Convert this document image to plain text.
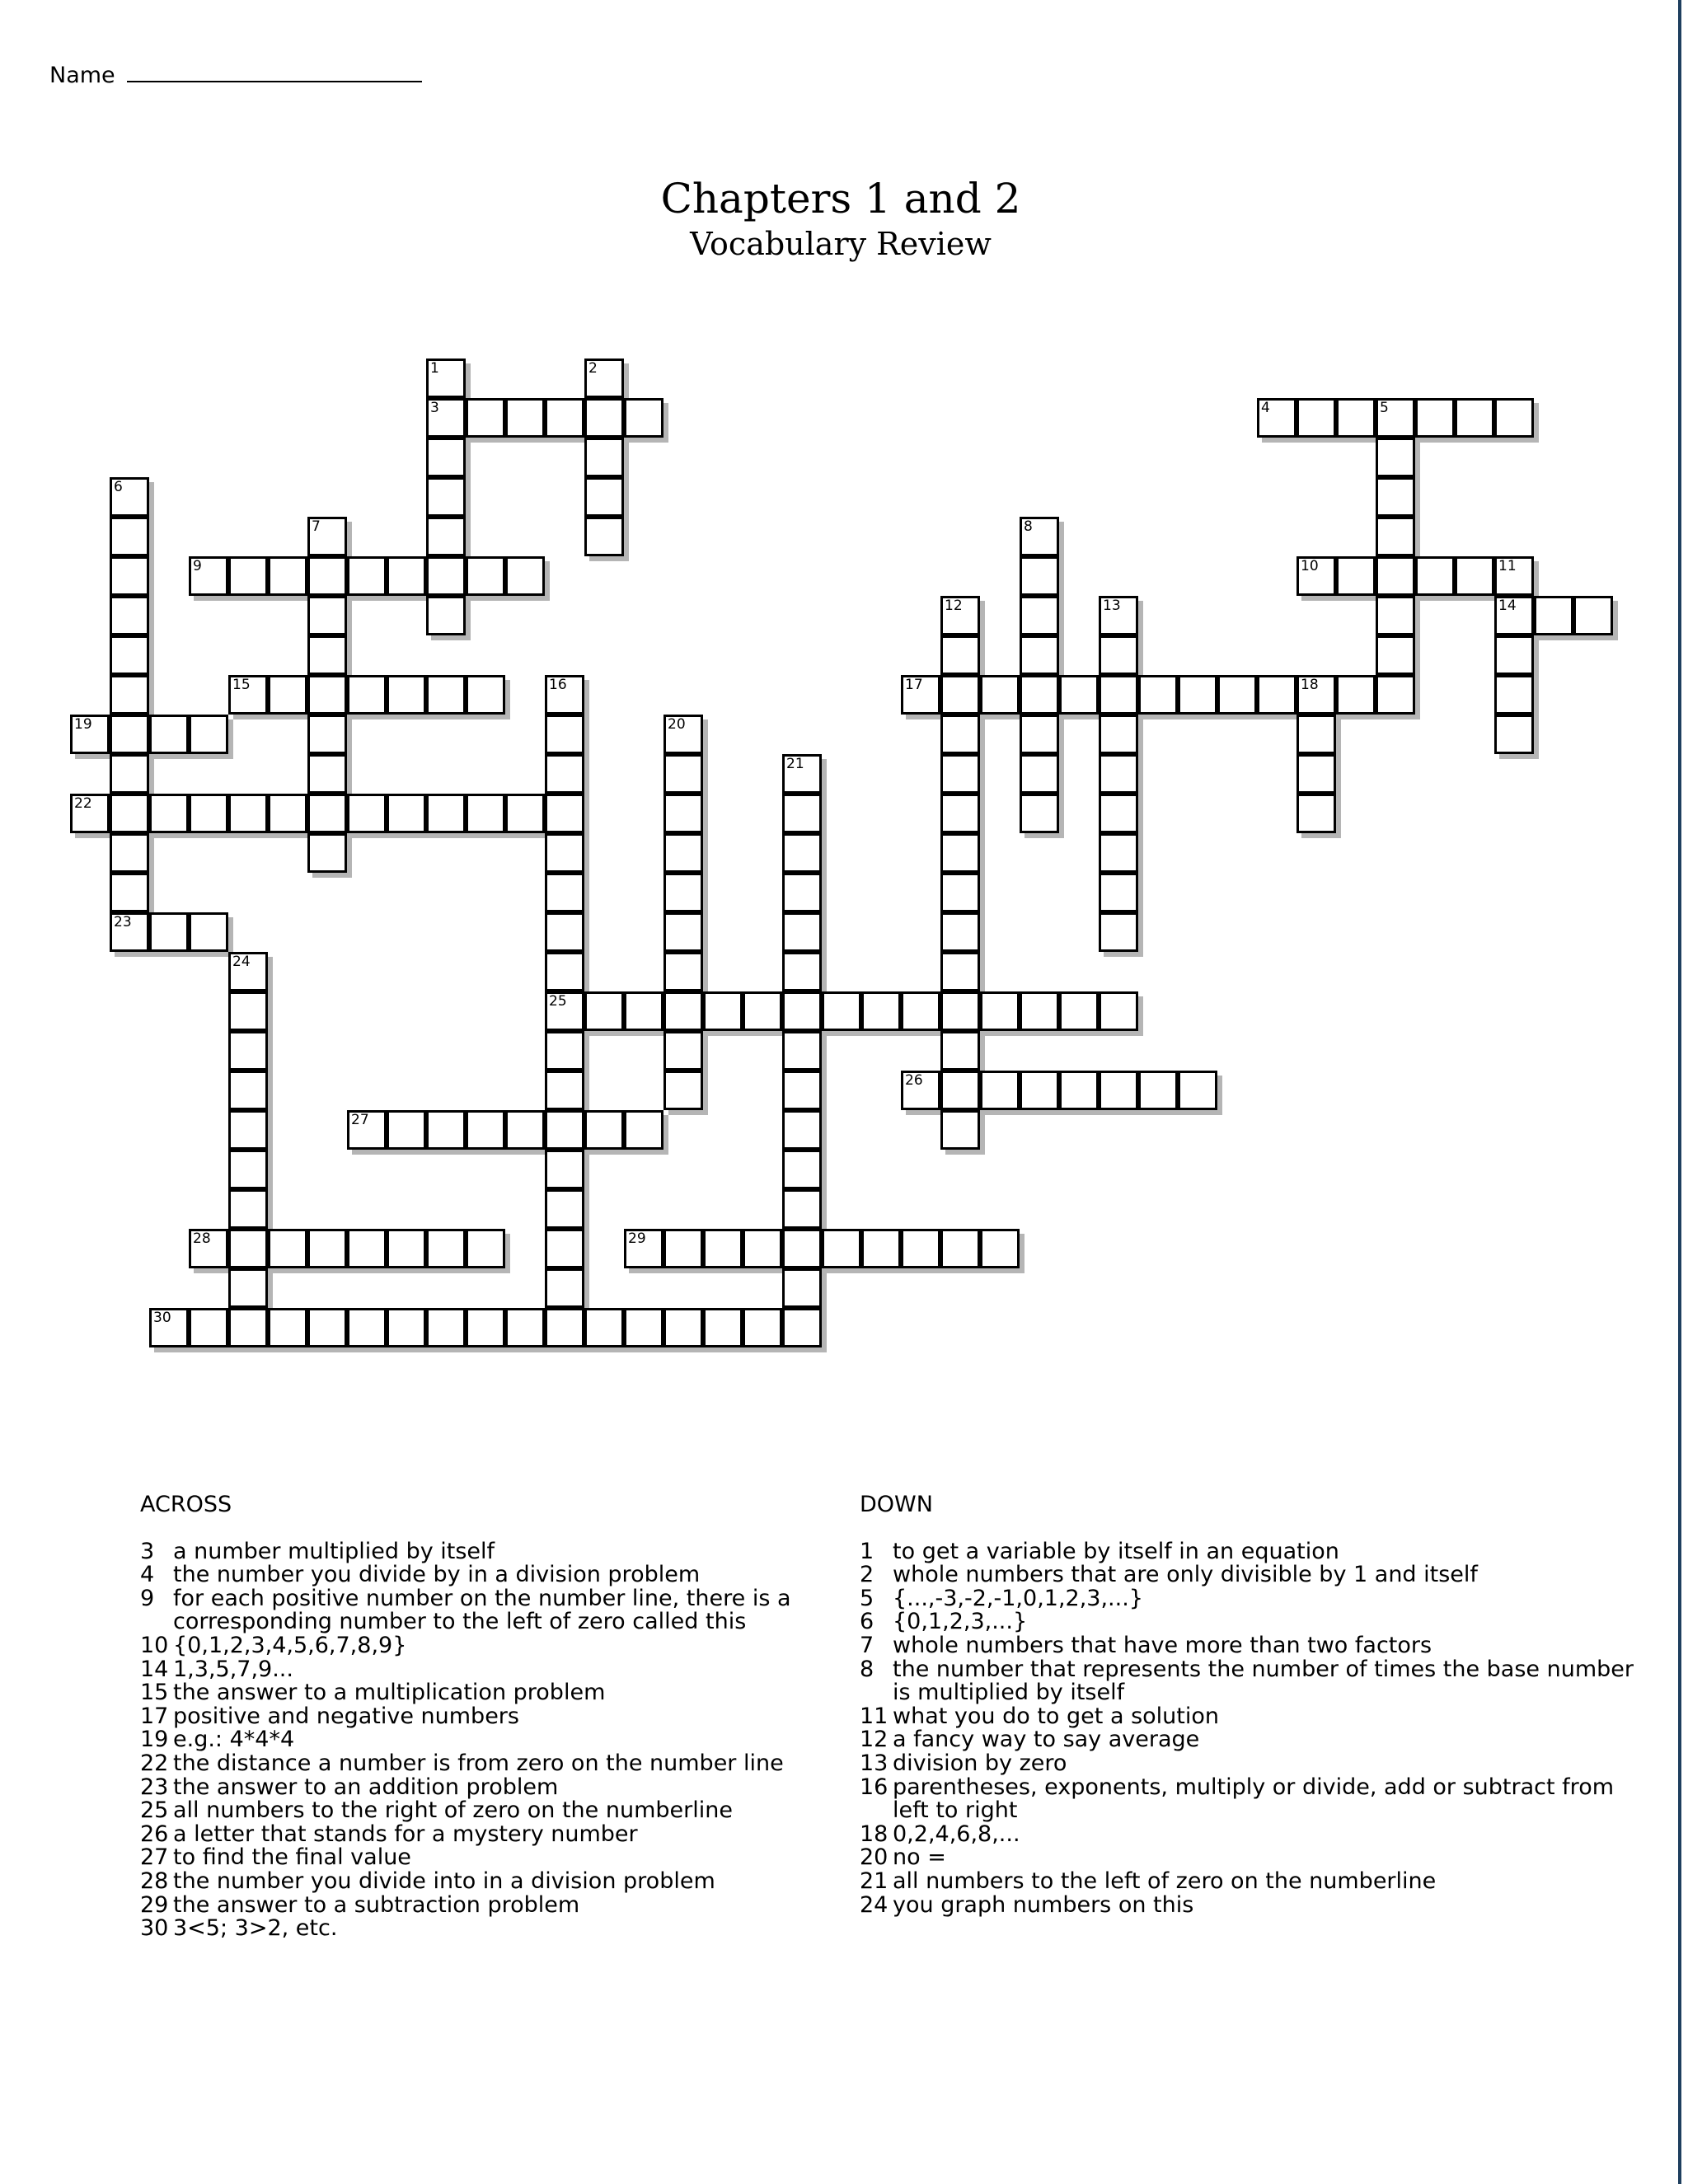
Name
Chapters 1 and 2
Vocabulary Review
1	2
3	4	5
6
7	8
9	10	11
12	13	14
15	16	17	18
19	20
21
22
23
24
25
26
27
28	29
30
ACROSS
3 a number multiplied by itself
4 the number you divide by in a division problem
9 for each positive number on the number line, there is a corresponding number to the left of zero called this
10 {0,1,2,3,4,5,6,7,8,9}
14 1,3,5,7,9...
15 the answer to a multiplication problem
17 positive and negative numbers
19 e.g.: 4*4*4
22 the distance a number is from zero on the number line
23 the answer to an addition problem
25 all numbers to the right of zero on the numberline
26 a letter that stands for a mystery number
27 to find the final value
28 the number you divide into in a division problem
29 the answer to a subtraction problem
30 3<5; 3>2, etc.
DOWN
1 to get a variable by itself in an equation
2 whole numbers that are only divisible by 1 and itself
5 {...,-3,-2,-1,0,1,2,3,...}
6 {0,1,2,3,...}
7 whole numbers that have more than two factors
8 the number that represents the number of times the base number is multiplied by itself
11 what you do to get a solution
12 a fancy way to say average
13 division by zero
16 parentheses, exponents, multiply or divide, add or subtract from left to right
18 0,2,4,6,8,...
20 no =
21 all numbers to the left of zero on the numberline
24 you graph numbers on this
